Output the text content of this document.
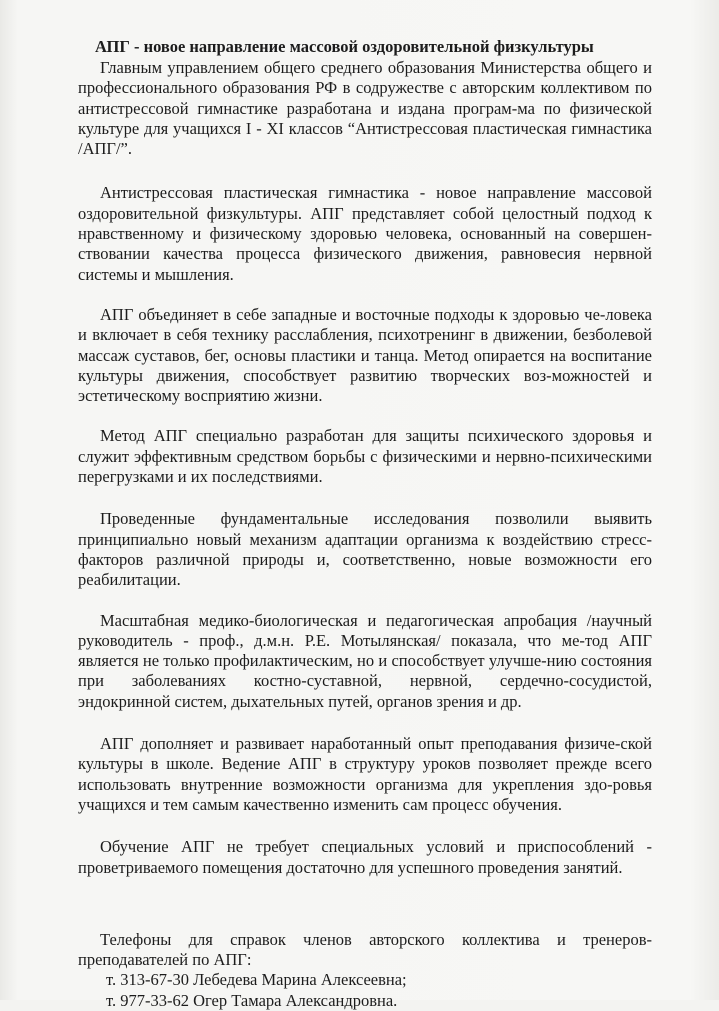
АПГ - новое направление массовой оздоровительной физкультуры

Главным управлением общего среднего образования Министерства общего и профессионального образования РФ в содружестве с авторским коллективом по антистрессовой гимнастике разработана и издана програм-ма по физической культуре для учащихся I - XI классов “Антистрессовая пластическая гимнастика /АПГ/”.

Антистрессовая пластическая гимнастика - новое направление массовой оздоровительной физкультуры. АПГ представляет собой целостный подход к нравственному и физическому здоровью человека, основанный на совершен-ствовании качества процесса физического движения, равновесия нервной системы и мышления.

АПГ объединяет в себе западные и восточные подходы к здоровью че-ловека и включает в себя технику расслабления, психотренинг в движении, безболевой массаж суставов, бег, основы пластики и танца. Метод опирается на воспитание культуры движения, способствует развитию творческих воз-можностей и эстетическому восприятию жизни.

Метод АПГ специально разработан для защиты психического здоровья и служит эффективным средством борьбы с физическими и нервно-психическими перегрузками и их последствиями.

Проведенные фундаментальные исследования позволили выявить принципиально новый механизм адаптации организма к воздействию стресс-факторов различной природы и, соответственно, новые возможности его реабилитации.

Масштабная медико-биологическая и педагогическая апробация /научный руководитель - проф., д.м.н. Р.Е. Мотылянская/ показала, что ме-тод АПГ является не только профилактическим, но и способствует улучше-нию состояния при заболеваниях костно-суставной, нервной, сердечно-сосудистой, эндокринной систем, дыхательных путей, органов зрения и др.

АПГ дополняет и развивает наработанный опыт преподавания физиче-ской культуры в школе. Ведение АПГ в структуру уроков позволяет прежде всего использовать внутренние возможности организма для укрепления здо-ровья учащихся и тем самым качественно изменить сам процесс обучения.

Обучение АПГ не требует специальных условий и приспособлений - проветриваемого помещения достаточно для успешного проведения занятий.

Телефоны для справок членов авторского коллектива и тренеров-преподавателей по АПГ:

т. 313-67-30 Лебедева Марина Алексеевна;

т. 977-33-62 Огер Тамара Александровна.
